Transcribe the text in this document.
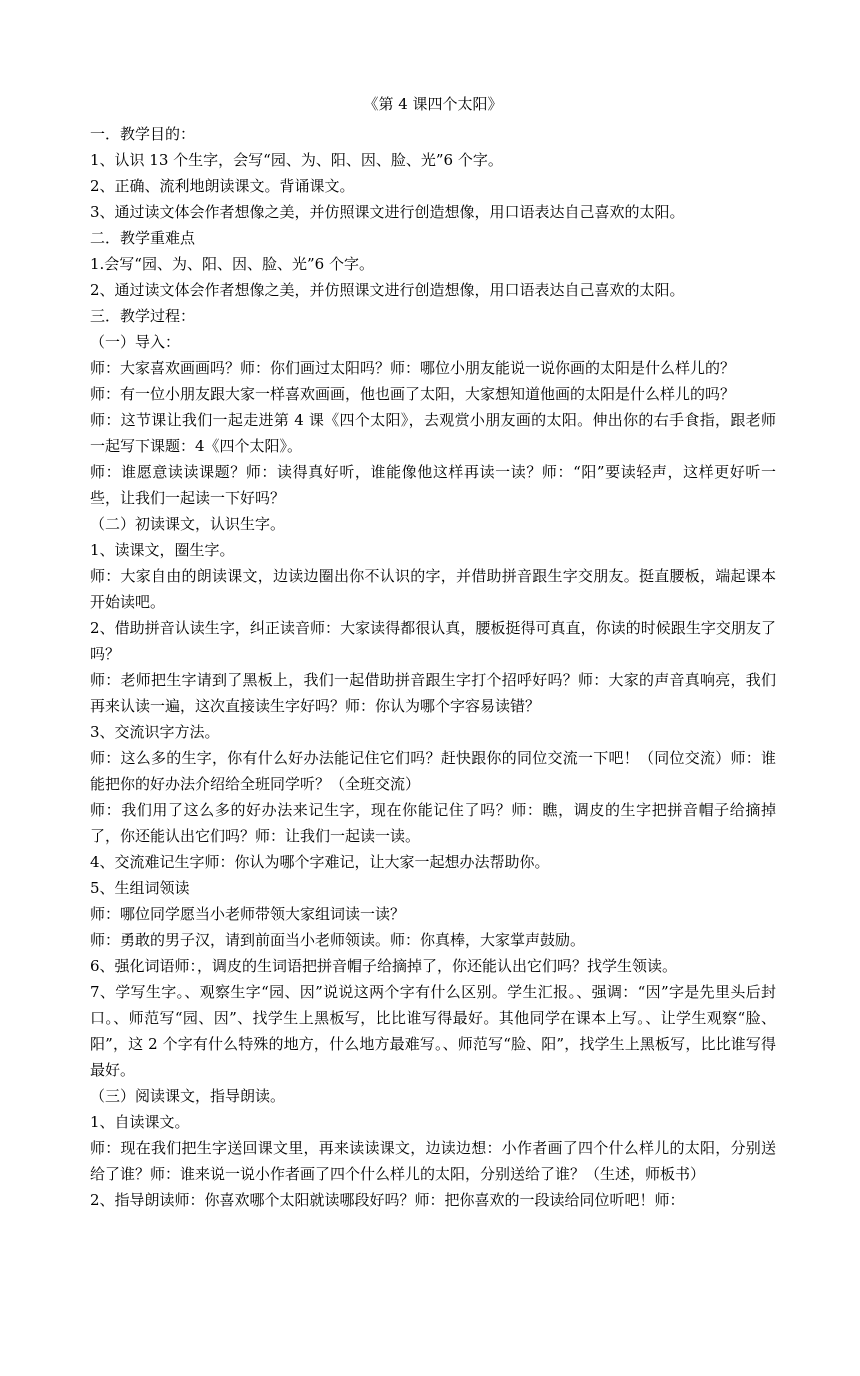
《第 4 课四个太阳》

一．教学目的：

1、认识 13 个生字，会写“园、为、阳、因、脸、光”6 个字。

2、正确、流利地朗读课文。背诵课文。

3、通过读文体会作者想像之美，并仿照课文进行创造想像，用口语表达自己喜欢的太阳。

二．教学重难点

1.会写“园、为、阳、因、脸、光”6 个字。

2、通过读文体会作者想像之美，并仿照课文进行创造想像，用口语表达自己喜欢的太阳。

三．教学过程：

（一）导入：

师：大家喜欢画画吗？师：你们画过太阳吗？师：哪位小朋友能说一说你画的太阳是什么样儿的？

师：有一位小朋友跟大家一样喜欢画画，他也画了太阳，大家想知道他画的太阳是什么样儿的吗？

师：这节课让我们一起走进第 4 课《四个太阳》，去观赏小朋友画的太阳。伸出你的右手食指，跟老师一起写下课题：4《四个太阳》。

师：谁愿意读读课题？师：读得真好听，谁能像他这样再读一读？师：“阳”要读轻声，这样更好听一些，让我们一起读一下好吗？

（二）初读课文，认识生字。

1、读课文，圈生字。

师：大家自由的朗读课文，边读边圈出你不认识的字，并借助拼音跟生字交朋友。挺直腰板，端起课本开始读吧。

2、借助拼音认读生字，纠正读音师：大家读得都很认真，腰板挺得可真直，你读的时候跟生字交朋友了吗？

师：老师把生字请到了黑板上，我们一起借助拼音跟生字打个招呼好吗？师：大家的声音真响亮，我们再来认读一遍，这次直接读生字好吗？师：你认为哪个字容易读错？

3、交流识字方法。

师：这么多的生字，你有什么好办法能记住它们吗？赶快跟你的同位交流一下吧！（同位交流）师：谁能把你的好办法介绍给全班同学听？（全班交流）

师：我们用了这么多的好办法来记生字，现在你能记住了吗？师：瞧，调皮的生字把拼音帽子给摘掉了，你还能认出它们吗？师：让我们一起读一读。

4、交流难记生字师：你认为哪个字难记，让大家一起想办法帮助你。

5、生组词领读

师：哪位同学愿当小老师带领大家组词读一读？

师：勇敢的男子汉，请到前面当小老师领读。师：你真棒，大家掌声鼓励。

6、强化词语师：，调皮的生词语把拼音帽子给摘掉了，你还能认出它们吗？找学生领读。

7、学写生字。、观察生字“园、因”说说这两个字有什么区别。学生汇报。、强调：“因”字是先里头后封口。、师范写“园、因”、找学生上黑板写，比比谁写得最好。其他同学在课本上写。、让学生观察“脸、阳”，这 2 个字有什么特殊的地方，什么地方最难写。、师范写“脸、阳”，找学生上黑板写，比比谁写得最好。

（三）阅读课文，指导朗读。

1、自读课文。

师：现在我们把生字送回课文里，再来读读课文，边读边想：小作者画了四个什么样儿的太阳，分别送给了谁？师：谁来说一说小作者画了四个什么样儿的太阳，分别送给了谁？（生述，师板书）

2、指导朗读师：你喜欢哪个太阳就读哪段好吗？师：把你喜欢的一段读给同位听吧！师：
